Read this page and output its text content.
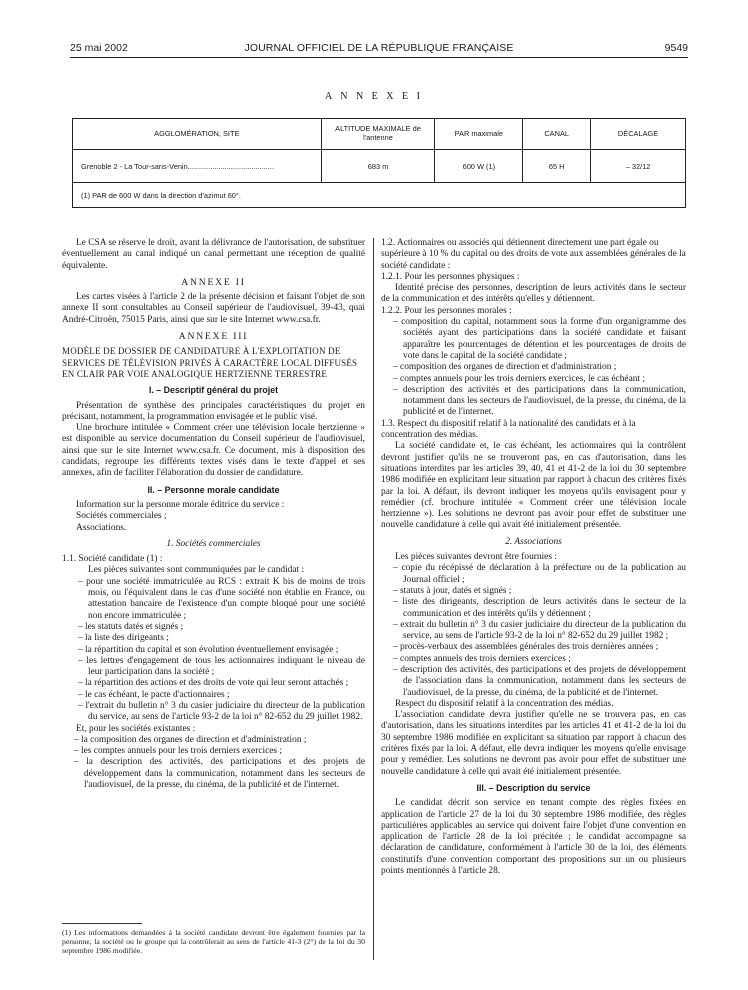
25 mai 2002	JOURNAL OFFICIEL DE LA RÉPUBLIQUE FRANÇAISE	9549
A N N E X E I
AGGLOMÉRATION, SITE	ALTITUDE MAXIMALE de l'antenne	PAR maximale	CANAL	DÉCALAGE
Grenoble 2 - La Tour-sans-Venin..........................................	683 m	600 W (1)	65 H	– 32/12
(1) PAR de 600 W dans la direction d'azimut 60°.				

Le CSA se réserve le droit, avant la délivrance de l'autorisation, de substituer éventuellement au canal indiqué un canal permettant une réception de qualité équivalente.

ANNEXE II

Les cartes visées à l'article 2 de la présente décision et faisant l'objet de son annexe II sont consultables au Conseil supérieur de l'audiovisuel, 39-43, quai André-Citroën, 75015 Paris, ainsi que sur le site Internet www.csa.fr.

ANNEXE III

MODÈLE DE DOSSIER DE CANDIDATURE À L'EXPLOITATION DE SERVICES DE TÉLÉVISION PRIVÉS À CARACTÈRE LOCAL DIFFUSÉS EN CLAIR PAR VOIE ANALOGIQUE HERTZIENNE TERRESTRE

I. – Descriptif général du projet

Présentation de synthèse des principales caractéristiques du projet en précisant, notamment, la programmation envisagée et le public visé.

Une brochure intitulée « Comment créer une télévision locale hertzienne » est disponible au service documentation du Conseil supérieur de l'audiovisuel, ainsi que sur le site Internet www.csa.fr. Ce document, mis à disposition des candidats, regroupe les différents textes visés dans le texte d'appel et ses annexes, afin de faciliter l'élaboration du dossier de candidature.

II. – Personne morale candidate

Information sur la personne morale éditrice du service :

Sociétés commerciales ;

Associations.

1. Sociétés commerciales

1.1. Société candidate (1) :

Les pièces suivantes sont communiquées par le candidat :

– pour une société immatriculée au RCS : extrait K bis de moins de trois mois, ou l'équivalent dans le cas d'une société non établie en France, ou attestation bancaire de l'existence d'un compte bloqué pour une société non encore immatriculée ;

– les statuts datés et signés ;

– la liste des dirigeants ;

– la répartition du capital et son évolution éventuellement envisagée ;

– les lettres d'engagement de tous les actionnaires indiquant le niveau de leur participation dans la société ;

– la répartition des actions et des droits de vote qui leur seront attachés ;

– le cas échéant, le pacte d'actionnaires ;

– l'extrait du bulletin n° 3 du casier judiciaire du directeur de la publication du service, au sens de l'article 93-2 de la loi n° 82-652 du 29 juillet 1982.

Et, pour les sociétés existantes :

– la composition des organes de direction et d'administration ;

– les comptes annuels pour les trois derniers exercices ;

– la description des activités, des participations et des projets de développement dans la communication, notamment dans les secteurs de l'audiovisuel, de la presse, du cinéma, de la publicité et de l'internet.

(1) Les informations demandées à la société candidate devront être également fournies par la personne, la société ou le groupe qui la contrôlerait au sens de l'article 41-3 (2°) de la loi du 30 septembre 1986 modifiée.

1.2. Actionnaires ou associés qui détiennent directement une part égale ou supérieure à 10 % du capital ou des droits de vote aux assemblées générales de la société candidate :

1.2.1. Pour les personnes physiques :

Identité précise des personnes, description de leurs activités dans le secteur de la communication et des intérêts qu'elles y détiennent.

1.2.2. Pour les personnes morales :

– composition du capital, notamment sous la forme d'un organigramme des sociétés ayant des participations dans la société candidate et faisant apparaître les pourcentages de détention et les pourcentages de droits de vote dans le capital de la société candidate ;

– composition des organes de direction et d'administration ;

– comptes annuels pour les trois derniers exercices, le cas échéant ;

– description des activités et des participations dans la communication, notamment dans les secteurs de l'audiovisuel, de la presse, du cinéma, de la publicité et de l'internet.

1.3. Respect du dispositif relatif à la nationalité des candidats et à la concentration des médias.

La société candidate et, le cas échéant, les actionnaires qui la contrôlent devront justifier qu'ils ne se trouveront pas, en cas d'autorisation, dans les situations interdites par les articles 39, 40, 41 et 41-2 de la loi du 30 septembre 1986 modifiée en explicitant leur situation par rapport à chacun des critères fixés par la loi. A défaut, ils devront indiquer les moyens qu'ils envisagent pour y remédier (cf. brochure intitulée « Comment créer une télévision locale hertzienne »). Les solutions ne devront pas avoir pour effet de substituer une nouvelle candidature à celle qui avait été initialement présentée.

2. Associations

Les pièces suivantes devront être fournies :

– copie du récépissé de déclaration à la préfecture ou de la publication au Journal officiel ;

– statuts à jour, datés et signés ;

– liste des dirigeants, description de leurs activités dans le secteur de la communication et des intérêts qu'ils y détiennent ;

– extrait du bulletin n° 3 du casier judiciaire du directeur de la publication du service, au sens de l'article 93-2 de la loi n° 82-652 du 29 juillet 1982 ;

– procès-verbaux des assemblées générales des trois dernières années ;

– comptes annuels des trois derniers exercices ;

– description des activités, des participations et des projets de développement de l'association dans la communication, notamment dans les secteurs de l'audiovisuel, de la presse, du cinéma, de la publicité et de l'internet.

Respect du dispositif relatif à la concentration des médias.

L'association candidate devra justifier qu'elle ne se trouvera pas, en cas d'autorisation, dans les situations interdites par les articles 41 et 41-2 de la loi du 30 septembre 1986 modifiée en explicitant sa situation par rapport à chacun des critères fixés par la loi. A défaut, elle devra indiquer les moyens qu'elle envisage pour y remédier. Les solutions ne devront pas avoir pour effet de substituer une nouvelle candidature à celle qui avait été initialement présentée.

III. – Description du service

Le candidat décrit son service en tenant compte des règles fixées en application de l'article 27 de la loi du 30 septembre 1986 modifiée, des règles particulières applicables au service qui doivent faire l'objet d'une convention en application de l'article 28 de la loi précitée ; le candidat accompagne sa déclaration de candidature, conformément à l'article 30 de la loi, des éléments constitutifs d'une convention comportant des propositions sur un ou plusieurs points mentionnés à l'article 28.
